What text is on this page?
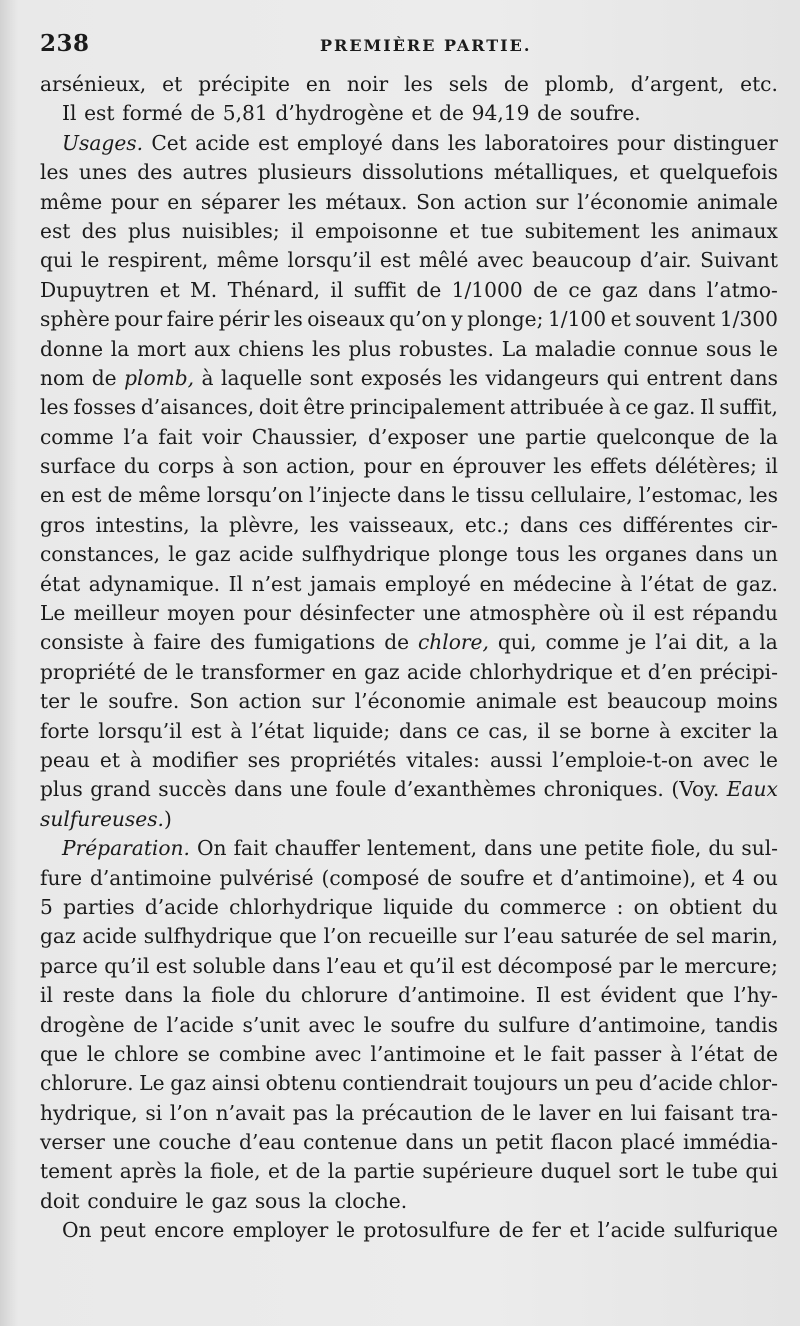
238	PREMIÈRE PARTIE.
arsénieux, et précipite en noir les sels de plomb, d’argent, etc.
Il est formé de 5,81 d’hydrogène et de 94,19 de soufre.
Usages. Cet acide est employé dans les laboratoires pour distinguer
les unes des autres plusieurs dissolutions métalliques, et quelquefois
même pour en séparer les métaux. Son action sur l’économie animale
est des plus nuisibles; il empoisonne et tue subitement les animaux
qui le respirent, même lorsqu’il est mêlé avec beaucoup d’air. Suivant
Dupuytren et M. Thénard, il suffit de 1/1000 de ce gaz dans l’atmo-
sphère pour faire périr les oiseaux qu’on y plonge; 1/100 et souvent 1/300
donne la mort aux chiens les plus robustes. La maladie connue sous le
nom de plomb, à laquelle sont exposés les vidangeurs qui entrent dans
les fosses d’aisances, doit être principalement attribuée à ce gaz. Il suffit,
comme l’a fait voir Chaussier, d’exposer une partie quelconque de la
surface du corps à son action, pour en éprouver les effets délétères; il
en est de même lorsqu’on l’injecte dans le tissu cellulaire, l’estomac, les
gros intestins, la plèvre, les vaisseaux, etc.; dans ces différentes cir-
constances, le gaz acide sulfhydrique plonge tous les organes dans un
état adynamique. Il n’est jamais employé en médecine à l’état de gaz.
Le meilleur moyen pour désinfecter une atmosphère où il est répandu
consiste à faire des fumigations de chlore, qui, comme je l’ai dit, a la
propriété de le transformer en gaz acide chlorhydrique et d’en précipi-
ter le soufre. Son action sur l’économie animale est beaucoup moins
forte lorsqu’il est à l’état liquide; dans ce cas, il se borne à exciter la
peau et à modifier ses propriétés vitales: aussi l’emploie-t-on avec le
plus grand succès dans une foule d’exanthèmes chroniques. (Voy. Eaux
sulfureuses.)
Préparation. On fait chauffer lentement, dans une petite fiole, du sul-
fure d’antimoine pulvérisé (composé de soufre et d’antimoine), et 4 ou
5 parties d’acide chlorhydrique liquide du commerce : on obtient du
gaz acide sulfhydrique que l’on recueille sur l’eau saturée de sel marin,
parce qu’il est soluble dans l’eau et qu’il est décomposé par le mercure;
il reste dans la fiole du chlorure d’antimoine. Il est évident que l’hy-
drogène de l’acide s’unit avec le soufre du sulfure d’antimoine, tandis
que le chlore se combine avec l’antimoine et le fait passer à l’état de
chlorure. Le gaz ainsi obtenu contiendrait toujours un peu d’acide chlor-
hydrique, si l’on n’avait pas la précaution de le laver en lui faisant tra-
verser une couche d’eau contenue dans un petit flacon placé immédia-
tement après la fiole, et de la partie supérieure duquel sort le tube qui
doit conduire le gaz sous la cloche.
On peut encore employer le protosulfure de fer et l’acide sulfurique
